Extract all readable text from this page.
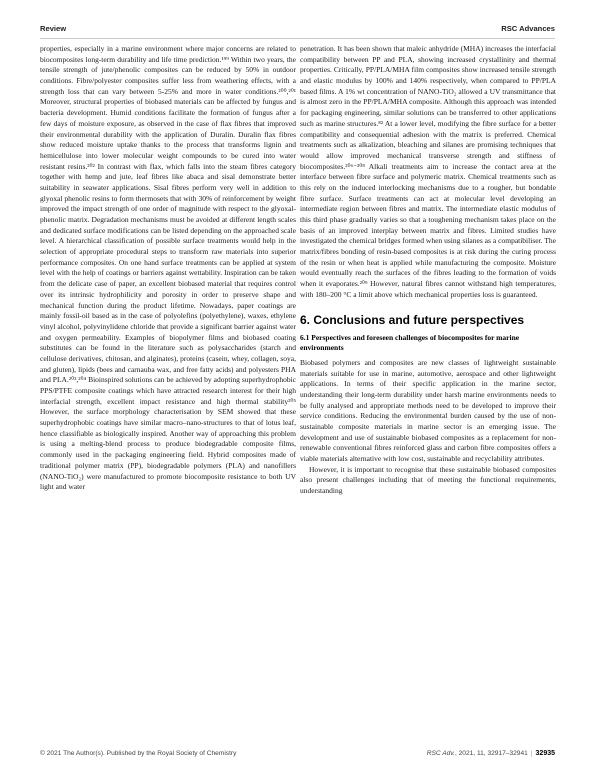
Review	RSC Advances

properties, especially in a marine environment where major concerns are related to biocomposites long-term durability and life time prediction.¹⁹⁹ Within two years, the tensile strength of jute/phenolic composites can be reduced by 50% in outdoor conditions. Fibre/polyester composites suffer less from weathering effects, with a strength loss that can vary between 5-25% and more in water conditions.²⁰⁰,²⁰¹ Moreover, structural properties of biobased materials can be affected by fungus and bacteria development. Humid conditions facilitate the formation of fungus after a few days of moisture exposure, as observed in the case of flax fibres that improved their environmental durability with the application of Duralin. Duralin flax fibres show reduced moisture uptake thanks to the process that transforms lignin and hemicellulose into lower molecular weight compounds to be cured into water resistant resins.²⁰² In contrast with flax, which falls into the steam fibres category together with hemp and jute, leaf fibres like abaca and sisal demonstrate better suitability in seawater applications. Sisal fibres perform very well in addition to glyoxal phenolic resins to form thermosets that with 30% of reinforcement by weight improved the impact strength of one order of magnitude with respect to the glyoxal-phenolic matrix. Degradation mechanisms must be avoided at different length scales and dedicated surface modifications can be listed depending on the approached scale level. A hierarchical classification of possible surface treatments would help in the selection of appropriate procedural steps to transform raw materials into superior performance composites. On one hand surface treatments can be applied at system level with the help of coatings or barriers against wettability. Inspiration can be taken from the delicate case of paper, an excellent biobased material that requires control over its intrinsic hydrophilicity and porosity in order to preserve shape and mechanical function during the product lifetime. Nowadays, paper coatings are mainly fossil-oil based as in the case of polyolefins (polyethylene), waxes, ethylene vinyl alcohol, polyvinylidene chloride that provide a significant barrier against water and oxygen permeability. Examples of biopolymer films and biobased coating substitutes can be found in the literature such as polysaccharides (starch and cellulose derivatives, chitosan, and alginates), proteins (casein, whey, collagen, soya, and gluten), lipids (bees and carnauba wax, and free fatty acids) and polyesters PHA and PLA.²⁰³,²⁰⁴ Bioinspired solutions can be achieved by adopting superhydrophobic PPS/PTFE composite coatings which have attracted research interest for their high interfacial strength, excellent impact resistance and high thermal stability²⁰⁵ However, the surface morphology characterisation by SEM showed that these superhydrophobic coatings have similar macro–nano-structures to that of lotus leaf, hence classifiable as biologically inspired. Another way of approaching this problem is using a melting-blend process to produce biodegradable composite films, commonly used in the packaging engineering field. Hybrid composites made of traditional polymer matrix (PP), biodegradable polymers (PLA) and nanofillers (NANO-TiO₂) were manufactured to promote biocomposite resistance to both UV light and water

penetration. It has been shown that maleic anhydride (MHA) increases the interfacial compatibility between PP and PLA, showing increased crystallinity and thermal properties. Critically, PP/PLA/MHA film composites show increased tensile strength and elastic modulus by 100% and 140% respectively, when compared to PP/PLA based films. A 1% wt concentration of NANO-TiO₂ allowed a UV transmittance that is almost zero in the PP/PLA/MHA composite. Although this approach was intended for packaging engineering, similar solutions can be transferred to other applications such as marine structures.⁸² At a lower level, modifying the fibre surface for a better compatibility and consequential adhesion with the matrix is preferred. Chemical treatments such as alkalization, bleaching and silanes are promising techniques that would allow improved mechanical transverse strength and stiffness of biocomposites.²⁰⁶⁻²⁰⁸ Alkali treatments aim to increase the contact area at the interface between fibre surface and polymeric matrix. Chemical treatments such as this rely on the induced interlocking mechanisms due to a rougher, but bondable fibre surface. Surface treatments can act at molecular level developing an intermediate region between fibres and matrix. The intermediate elastic modulus of this third phase gradually varies so that a toughening mechanism takes place on the basis of an improved interplay between matrix and fibres. Limited studies have investigated the chemical bridges formed when using silanes as a compatibiliser. The matrix/fibres bonding of resin-based composites is at risk during the curing process of the resin or when heat is applied while manufacturing the composite. Moisture would eventually reach the surfaces of the fibres leading to the formation of voids when it evaporates.²⁰⁹ However, natural fibres cannot withstand high temperatures, with 180–200 °C a limit above which mechanical properties loss is guaranteed.

6. Conclusions and future perspectives
6.1 Perspectives and foreseen challenges of biocomposites for marine environments

Biobased polymers and composites are new classes of lightweight sustainable materials suitable for use in marine, automotive, aerospace and other lightweight applications. In terms of their specific application in the marine sector, understanding their long-term durability under harsh marine environments needs to be fully analysed and appropriate methods need to be developed to improve their service conditions. Reducing the environmental burden caused by the use of non-sustainable composite materials in marine sector is an emerging issue. The development and use of sustainable biobased composites as a replacement for non-renewable conventional fibres reinforced glass and carbon fibre composites offers a viable materials alternative with low cost, sustainable and recyclability attributes.

However, it is important to recognise that these sustainable biobased composites also present challenges including that of meeting the functional requirements, understanding

© 2021 The Author(s). Published by the Royal Society of Chemistry	RSC Adv., 2021, 11, 32917–32941 | 32935
